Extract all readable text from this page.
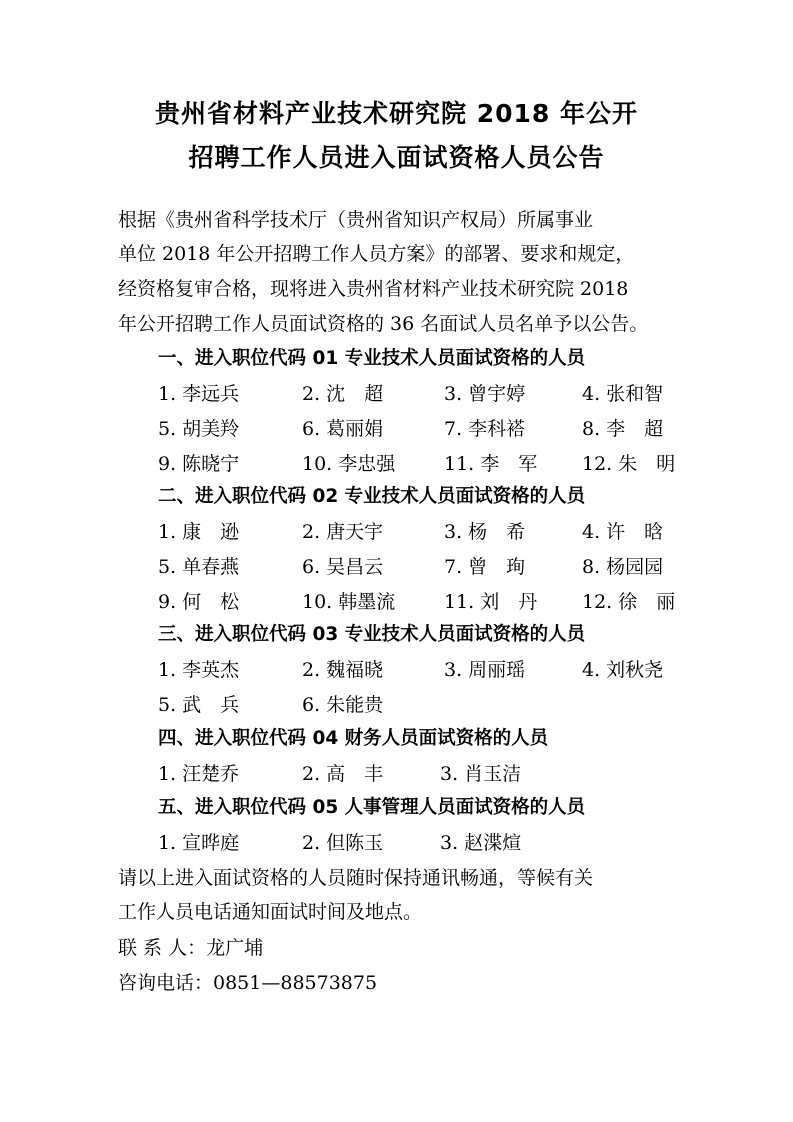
贵州省材料产业技术研究院 2018 年公开
招聘工作人员进入面试资格人员公告
根据《贵州省科学技术厅（贵州省知识产权局）所属事业
单位 2018 年公开招聘工作人员方案》的部署、要求和规定，
经资格复审合格，现将进入贵州省材料产业技术研究院 2018
年公开招聘工作人员面试资格的 36 名面试人员名单予以公告。
一、进入职位代码 01 专业技术人员面试资格的人员
1. 李远兵	2. 沈　超	3. 曾宇婷	4. 张和智
5. 胡美羚	6. 葛丽娟	7. 李科褡	8. 李　超
9. 陈晓宁	10. 李忠强	11. 李　军 12. 朱　明
二、进入职位代码 02 专业技术人员面试资格的人员
1. 康　逊	2. 唐天宇	3. 杨　希	4. 许　晗
5. 单春燕	6. 吴昌云	7. 曾　珣	8. 杨园园
9. 何　松	10. 韩墨流	11. 刘　丹 12. 徐　丽
三、进入职位代码 03 专业技术人员面试资格的人员
1. 李英杰	2. 魏福晓	3. 周丽瑶	4. 刘秋尧
5. 武　兵	6. 朱能贵
四、进入职位代码 04 财务人员面试资格的人员
1. 汪楚乔	2. 高　丰	3. 肖玉洁
五、进入职位代码 05 人事管理人员面试资格的人员
1. 宣晔庭	2. 但陈玉	3. 赵渫煊
请以上进入面试资格的人员随时保持通讯畅通，等候有关
工作人员电话通知面试时间及地点。
联 系 人：龙广埔
咨询电话：0851—88573875
